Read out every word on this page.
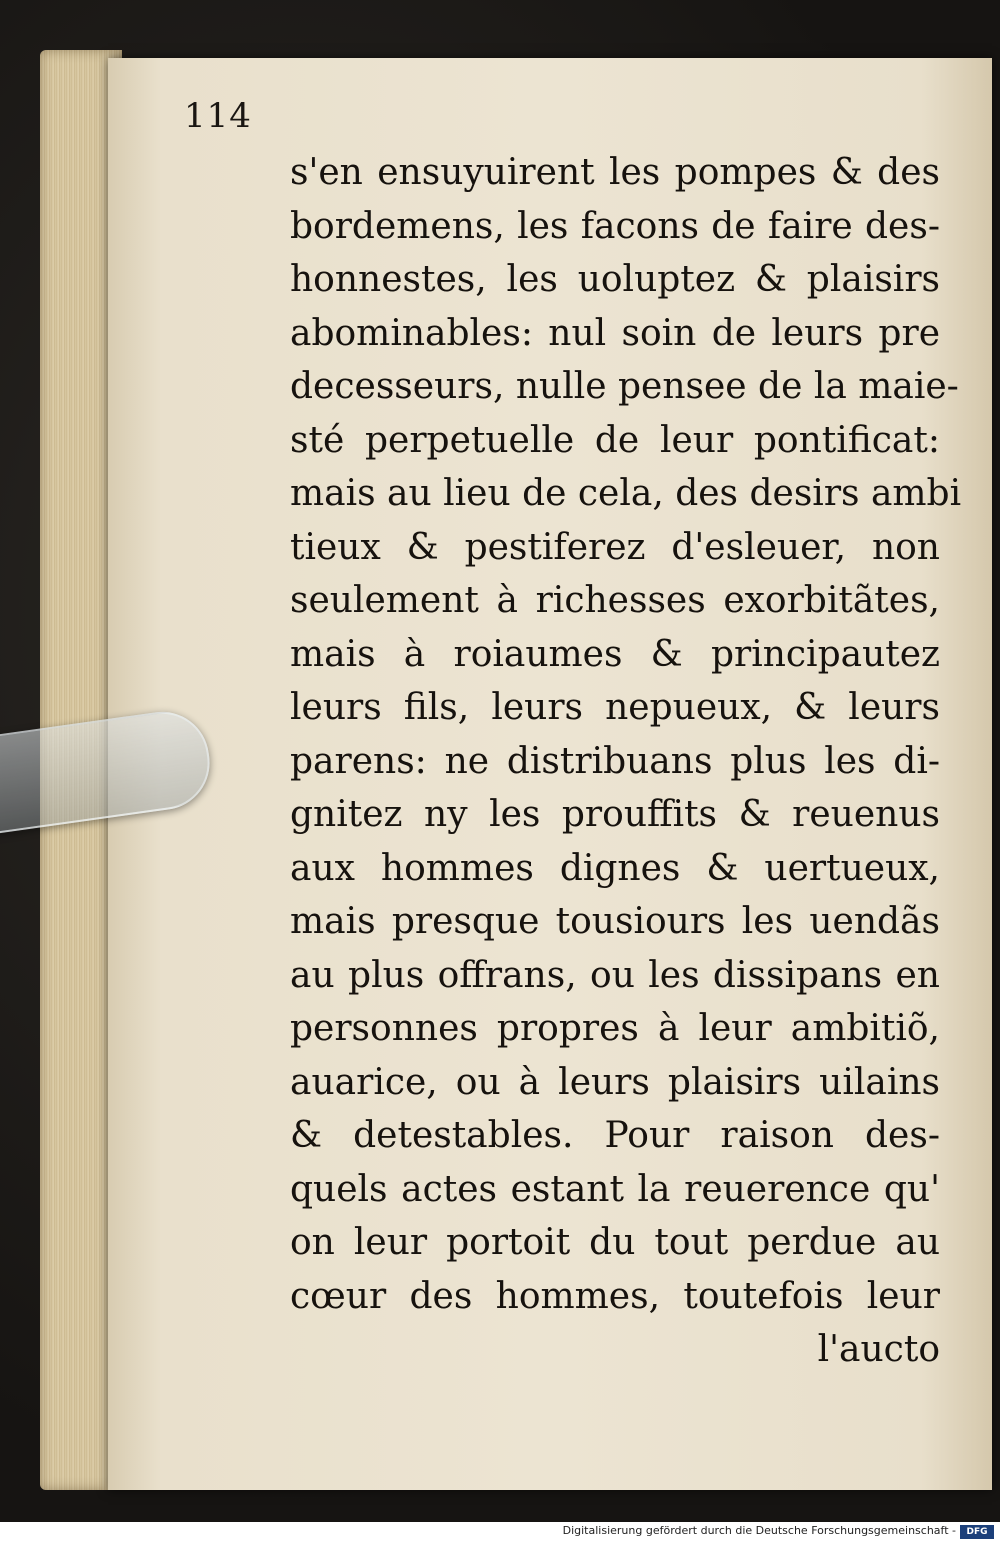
114
s'en ensuyuirent les pompes & des
bordemens, les facons de faire des-
honnestes, les uoluptez & plaisirs
abominables: nul soin de leurs pre
decesseurs, nulle pensee de la maie-
sté perpetuelle de leur pontificat:
mais au lieu de cela, des desirs ambi
tieux & pestiferez d'esleuer, non
seulement à richesses exorbitãtes,
mais à roiaumes & principautez
leurs fils, leurs nepueux, & leurs
parens: ne distribuans plus les di-
gnitez ny les prouffits & reuenus
aux hommes dignes & uertueux,
mais presque tousiours les uendãs
au plus offrans, ou les dissipans en
personnes propres à leur ambitiõ,
auarice, ou à leurs plaisirs uilains
& detestables. Pour raison des-
quels actes estant la reuerence qu'
on leur portoit du tout perdue au
cœur des hommes, toutefois leur
l'aucto
Digitalisierung gefördert durch die Deutsche Forschungsgemeinschaft -	DFG
